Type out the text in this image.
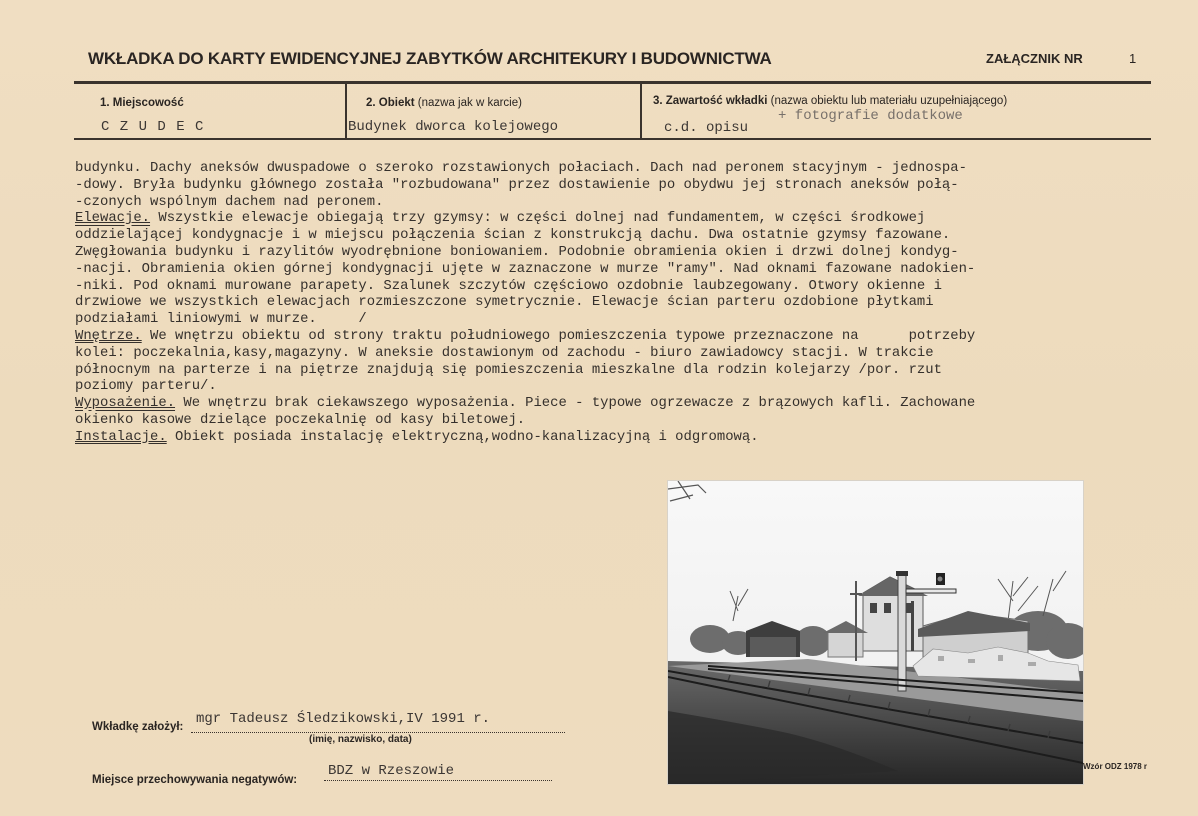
WKŁADKA DO KARTY EWIDENCYJNEJ ZABYTKÓW ARCHITEKURY I BUDOWNICTWA	ZAŁĄCZNIK NR	1
1. Miejscowość
C Z U D E C
2. Obiekt (nazwa jak w karcie)
Budynek dworca kolejowego
3. Zawartość wkładki (nazwa obiektu lub materiału uzupełniającego)
c.d. opisu
+ fotografie dodatkowe
budynku. Dachy aneksów dwuspadowe o szeroko rozstawionych połaciach. Dach nad peronem stacyjnym - jednospa-
-dowy. Bryła budynku głównego została "rozbudowana" przez dostawienie po obydwu jej stronach aneksów połą-
-czonych wspólnym dachem nad peronem.
Elewacje. Wszystkie elewacje obiegają trzy gzymsy: w części dolnej nad fundamentem, w części środkowej
oddzielającej kondygnacje i w miejscu połączenia ścian z konstrukcją dachu. Dwa ostatnie gzymsy fazowane.
Zwęgłowania budynku i razylitów wyodrębnione boniowaniem. Podobnie obramienia okien i drzwi dolnej kondyg-
-nacji. Obramienia okien górnej kondygnacji ujęte w zaznaczone w murze "ramy". Nad oknami fazowane nadokien-
-niki. Pod oknami murowane parapety. Szalunek szczytów częściowo ozdobnie laubzegowany. Otwory okienne i
drzwiowe we wszystkich elewacjach rozmieszczone symetrycznie. Elewacje ścian parteru ozdobione płytkami
podziałami liniowymi w murze.     /
Wnętrze. We wnętrzu obiektu od strony traktu południowego pomieszczenia typowe przeznaczone na      potrzeby
kolei: poczekalnia,kasy,magazyny. W aneksie dostawionym od zachodu - biuro zawiadowcy stacji. W trakcie
północnym na parterze i na piętrze znajdują się pomieszczenia mieszkalne dla rodzin kolejarzy /por. rzut
poziomy parteru/.
Wyposażenie. We wnętrzu brak ciekawszego wyposażenia. Piece - typowe ogrzewacze z brązowych kafli. Zachowane
okienko kasowe dzielące poczekalnię od kasy biletowej.
Instalacje. Obiekt posiada instalację elektryczną,wodno-kanalizacyjną i odgromową.
Wkładkę założył: mgr Tadeusz Śledzikowski,IV 1991 r.
(imię, nazwisko, data)
Miejsce przechowywania negatywów:
BDZ w Rzeszowie	Wzór ODZ 1978 r
